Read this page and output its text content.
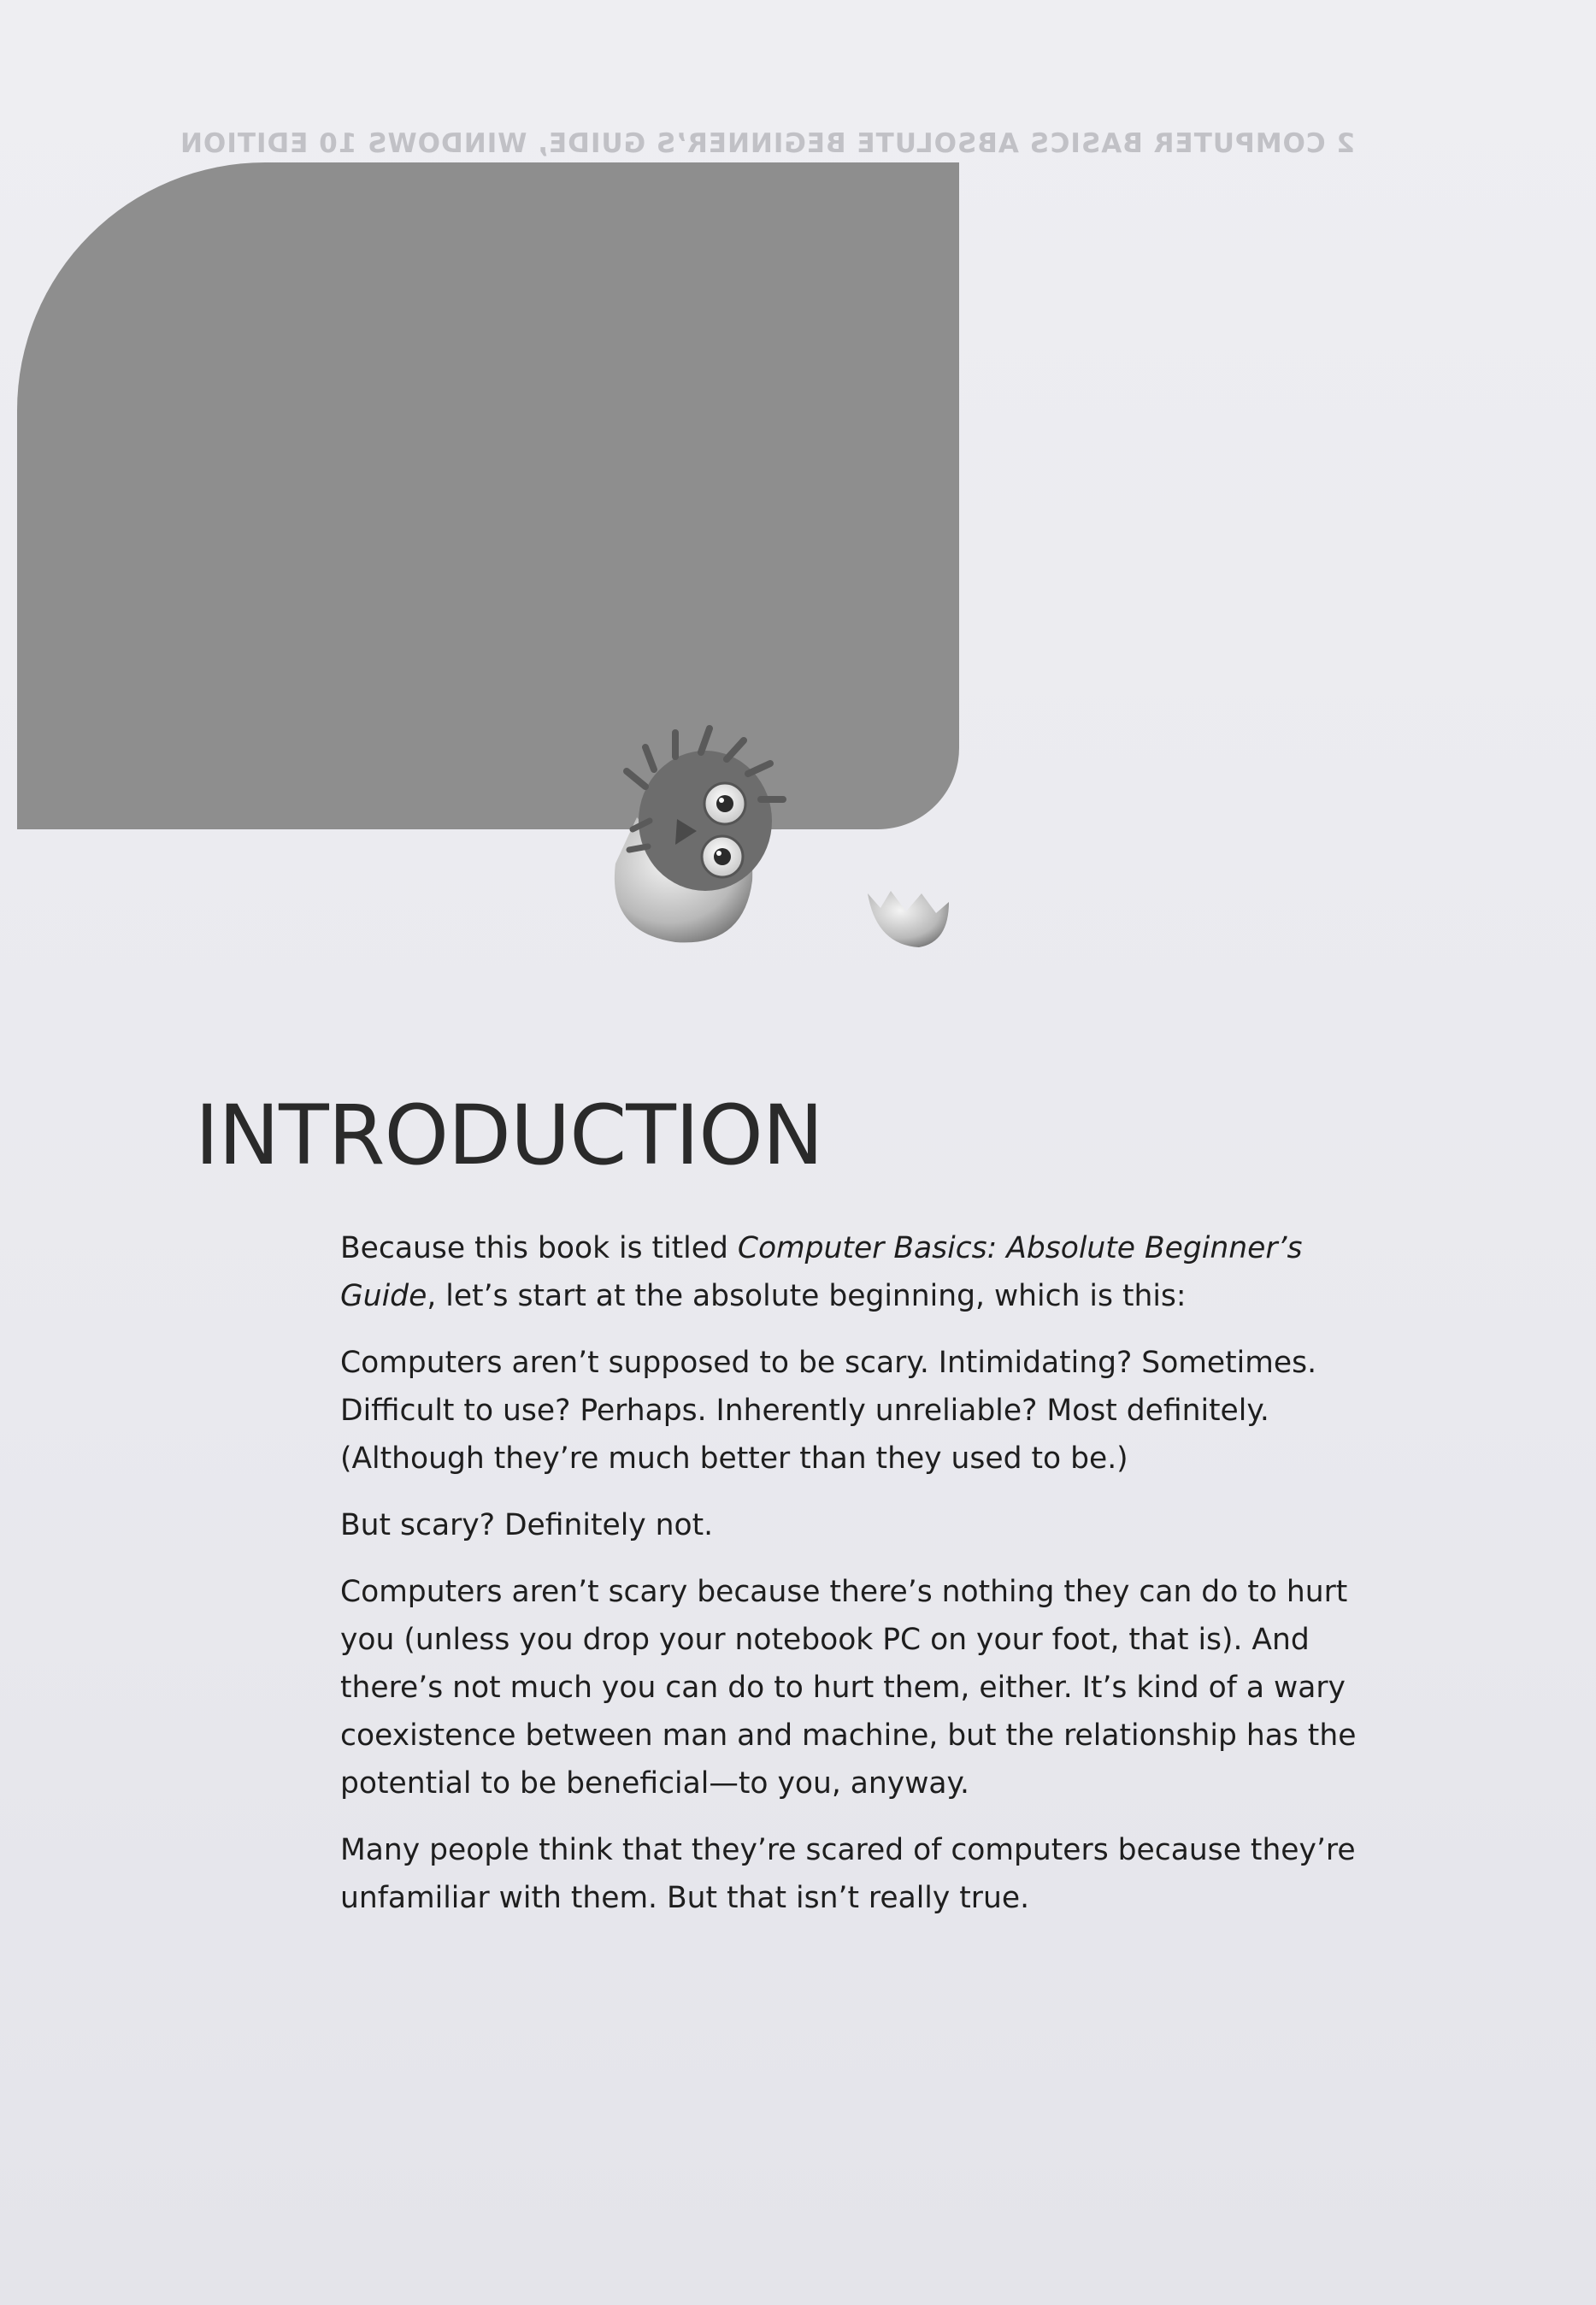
2 COMPUTER BASICS ABSOLUTE BEGINNER’S GUIDE, WINDOWS 10 EDITION
INTRODUCTION

Because this book is titled Computer Basics: Absolute Beginner’s Guide, let’s start at the absolute beginning, which is this:

Computers aren’t supposed to be scary. Intimidating? Sometimes. Difficult to use? Perhaps. Inherently unreliable? Most definitely. (Although they’re much better than they used to be.)

But scary? Definitely not.

Computers aren’t scary because there’s nothing they can do to hurt you (unless you drop your notebook PC on your foot, that is). And there’s not much you can do to hurt them, either. It’s kind of a wary coexistence between man and machine, but the relationship has the potential to be beneficial—to you, anyway.

Many people think that they’re scared of computers because they’re unfamiliar with them. But that isn’t really true.
